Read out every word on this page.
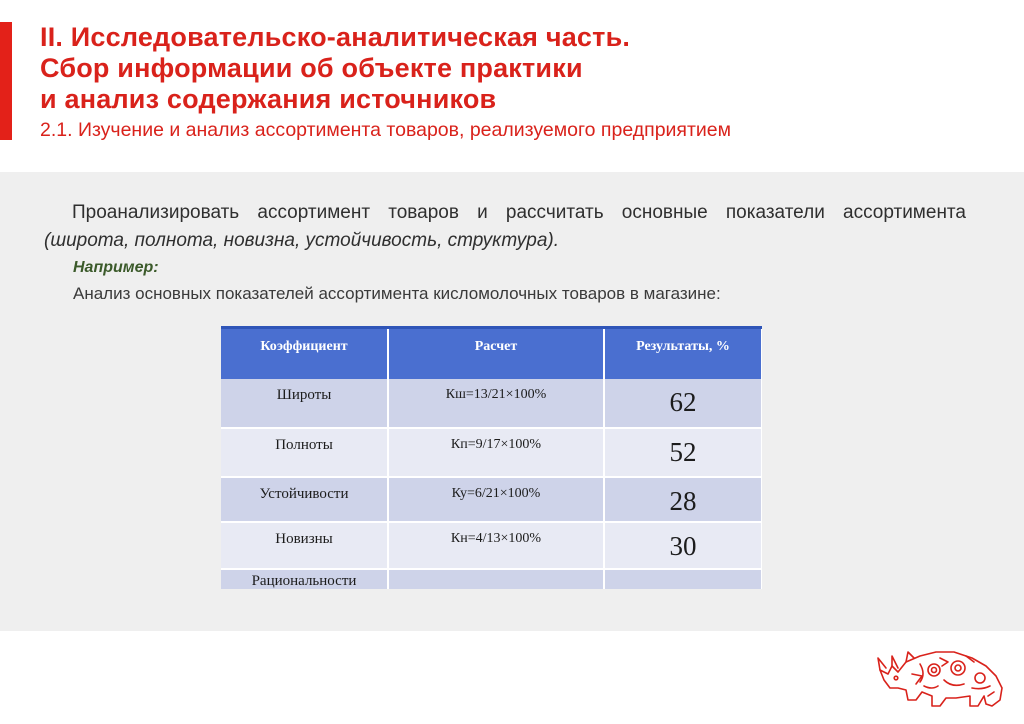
II. Исследовательско-аналитическая часть.
Сбор информации об объекте практики
и анализ содержания источников

2.1. Изучение и анализ ассортимента товаров, реализуемого предприятием

Проанализировать ассортимент товаров и рассчитать основные показатели ассортимента (широта, полнота, новизна, устойчивость, структура).

Например:

Анализ основных показателей ассортимента кисломолочных товаров в магазине:

Коэффициент	Расчет	Результаты, %
Широты	Кш=13/21×100%	62
Полноты	Кп=9/17×100%	52
Устойчивости	Ку=6/21×100%	28
Новизны	Кн=4/13×100%	30
Рациональности		
